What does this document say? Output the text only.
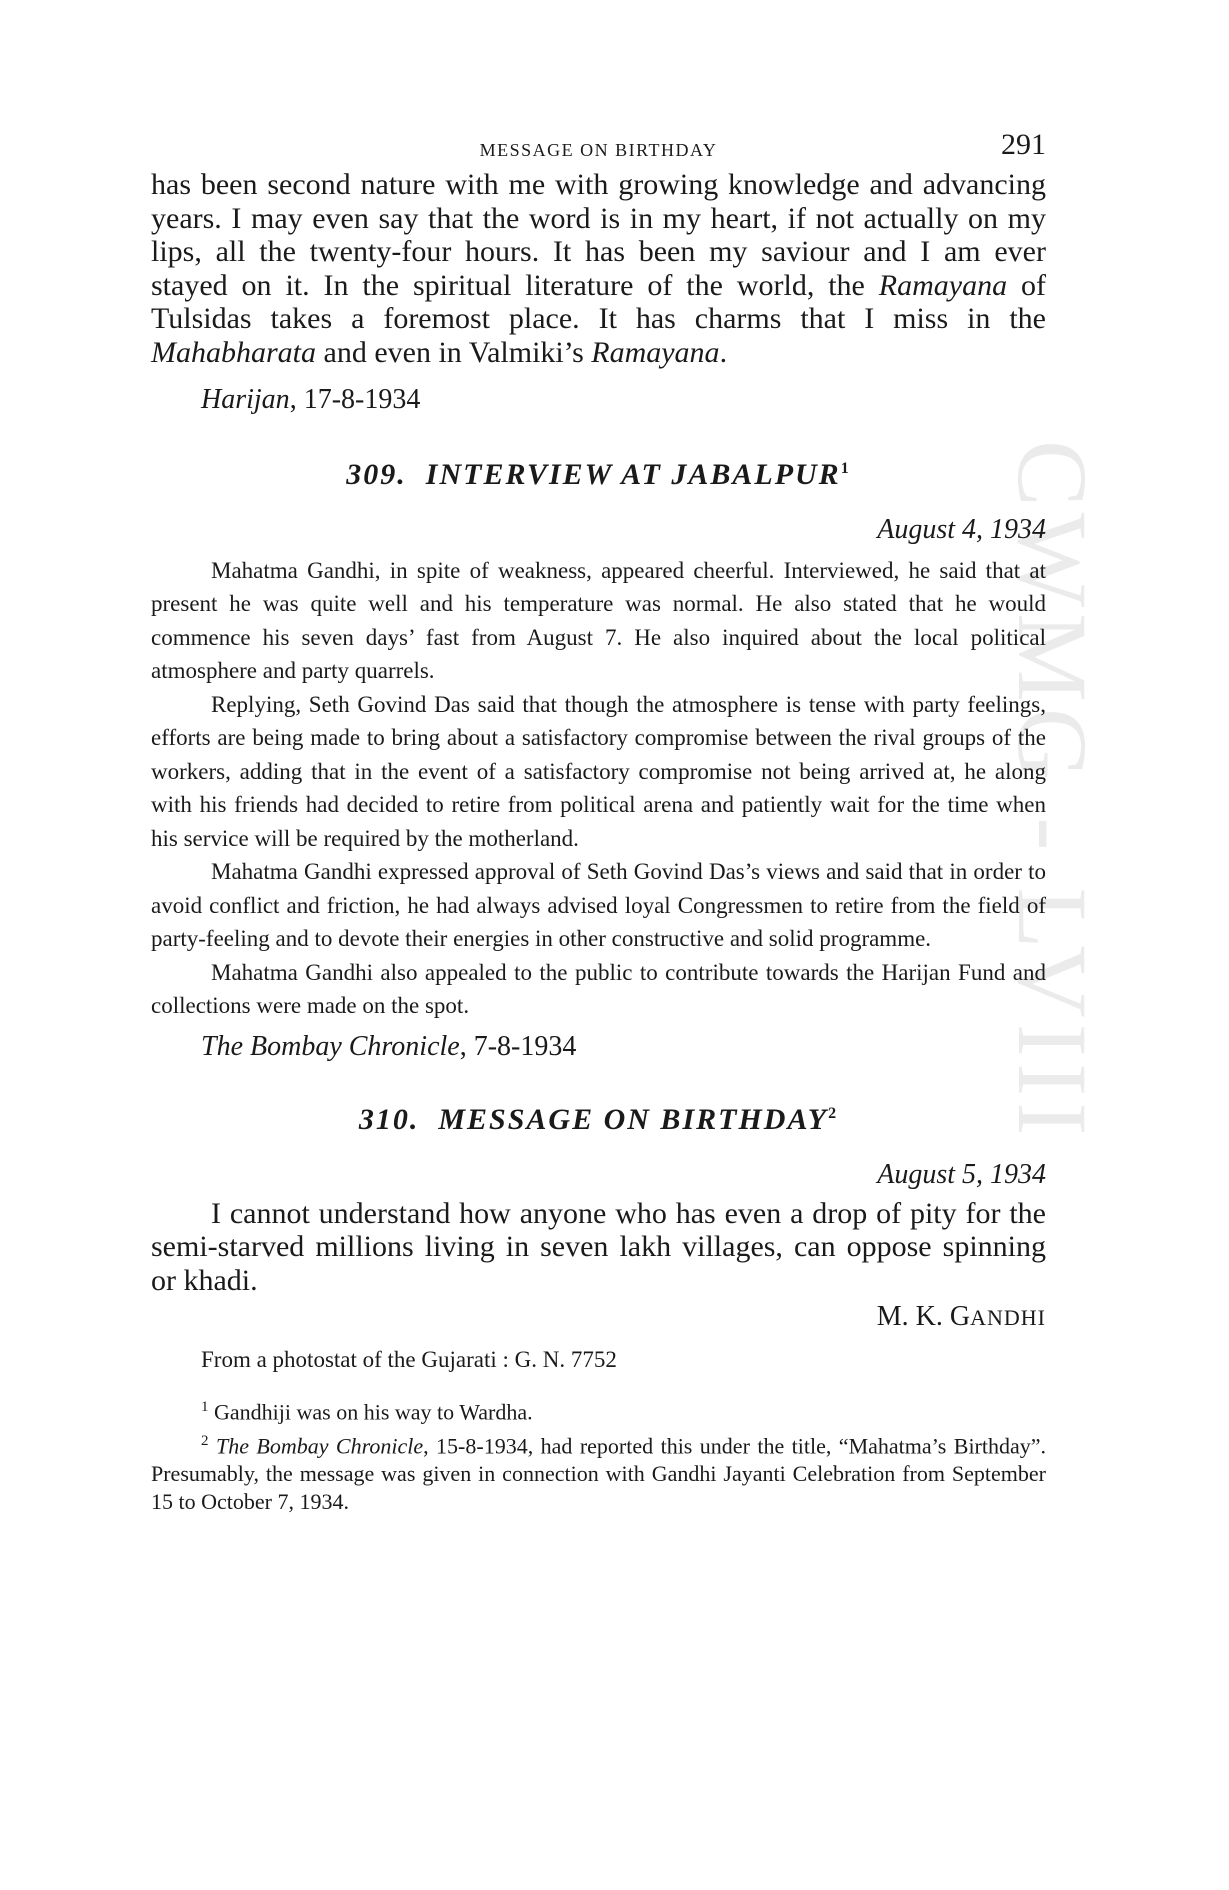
CWMG - LVIII
MESSAGE ON BIRTHDAY	291

has been second nature with me with growing knowledge and advancing years. I may even say that the word is in my heart, if not actually on my lips, all the twenty-four hours. It has been my saviour and I am ever stayed on it. In the spiritual literature of the world, the Ramayana of Tulsidas takes a foremost place. It has charms that I miss in the Mahabharata and even in Valmiki’s Ramayana.

Harijan, 17-8-1934

309. INTERVIEW AT JABALPUR$^1$

August 4, 1934

Mahatma Gandhi, in spite of weakness, appeared cheerful. Interviewed, he said that at present he was quite well and his temperature was normal. He also stated that he would commence his seven days’ fast from August 7. He also inquired about the local political atmosphere and party quarrels.

Replying, Seth Govind Das said that though the atmosphere is tense with party feelings, efforts are being made to bring about a satisfactory compromise between the rival groups of the workers, adding that in the event of a satisfactory compromise not being arrived at, he along with his friends had decided to retire from political arena and patiently wait for the time when his service will be required by the motherland.

Mahatma Gandhi expressed approval of Seth Govind Das’s views and said that in order to avoid conflict and friction, he had always advised loyal Congressmen to retire from the field of party-feeling and to devote their energies in other constructive and solid programme.

Mahatma Gandhi also appealed to the public to contribute towards the Harijan Fund and collections were made on the spot.

The Bombay Chronicle, 7-8-1934

310. MESSAGE ON BIRTHDAY$^2$

August 5, 1934

I cannot understand how anyone who has even a drop of pity for the semi-starved millions living in seven lakh villages, can oppose spinning or khadi.

M. K. GANDHI

From a photostat of the Gujarati : G. N. 7752

$^1$ Gandhiji was on his way to Wardha.

$^2$ The Bombay Chronicle, 15-8-1934, had reported this under the title, “Mahatma’s Birthday”. Presumably, the message was given in connection with Gandhi Jayanti Celebration from September 15 to October 7, 1934.
